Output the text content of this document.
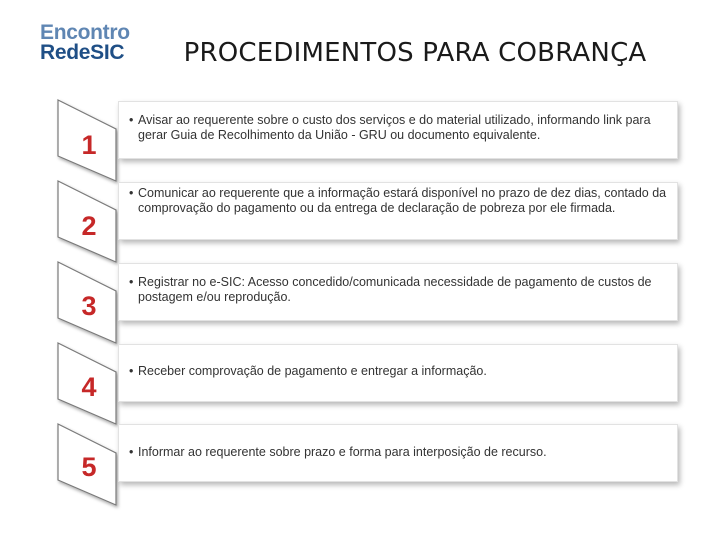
Encontro
RedeSIC	PROCEDIMENTOS PARA COBRANÇA
1
2
3
4
5
• Avisar ao requerente sobre o custo dos serviços e do material utilizado, informando link para gerar Guia de Recolhimento da União - GRU ou documento equivalente.
• Comunicar ao requerente que a informação estará disponível no prazo de dez dias, contado da comprovação do pagamento ou da entrega de declaração de pobreza por ele firmada.
• Registrar no e-SIC: Acesso concedido/comunicada necessidade de pagamento de custos de postagem e/ou reprodução.
• Receber comprovação de pagamento e entregar a informação.
• Informar ao requerente sobre prazo e forma para interposição de recurso.
